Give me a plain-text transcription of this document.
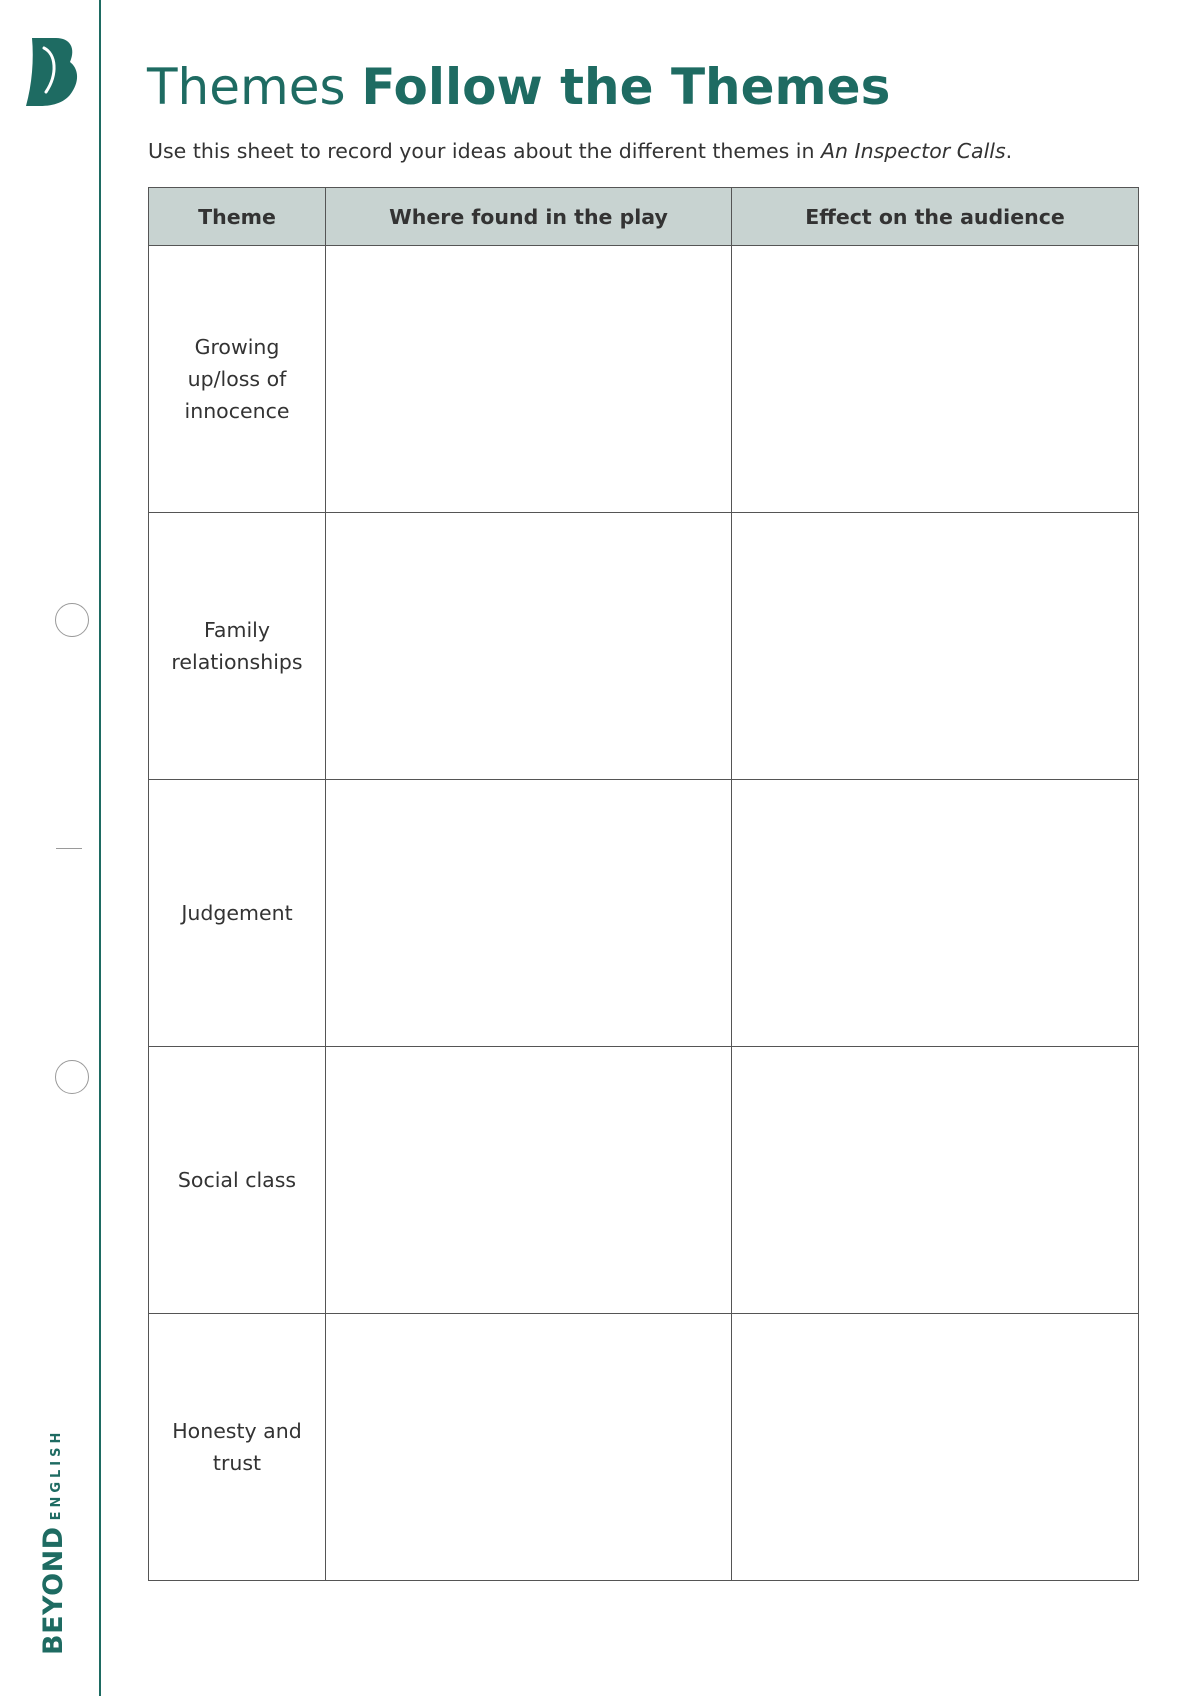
BEYONDENGLISH
Themes Follow the Themes

Use this sheet to record your ideas about the different themes in An Inspector Calls.

Theme	Where found in the play	Effect on the audience
Growing up/loss of innocence		
Family relationships		
Judgement		
Social class		
Honesty and trust		
